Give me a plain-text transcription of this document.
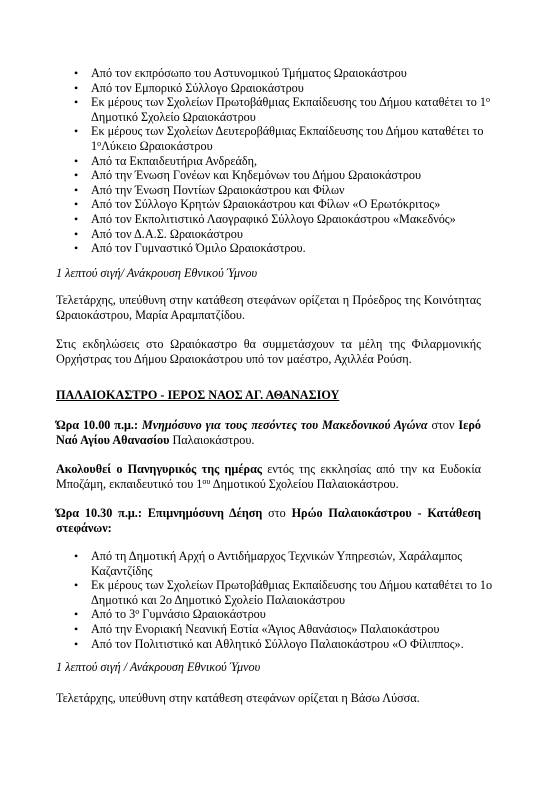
• Από τον εκπρόσωπο του Αστυνομικού Τμήματος Ωραιοκάστρου
• Από τον Εμπορικό Σύλλογο Ωραιοκάστρου
• Εκ μέρους των Σχολείων Πρωτοβάθμιας Εκπαίδευσης του Δήμου καταθέτει το $1^o$ Δημοτικό Σχολείο Ωραιοκάστρου
• Εκ μέρους των Σχολείων Δευτεροβάθμιας Εκπαίδευσης του Δήμου καταθέτει το $1^o\Lambda ύ\kappa\varepsilon\iota o$ Ωραιοκάστρου
• Από τα Εκπαιδευτήρια Ανδρεάδη,
• Από την Ένωση Γονέων και Κηδεμόνων του Δήμου Ωραιοκάστρου
• Από την Ένωση Ποντίων Ωραιοκάστρου και Φίλων
• Από τον Σύλλογο Κρητών Ωραιοκάστρου και Φίλων «Ο Ερωτόκριτος»
• Από τον Εκπολιτιστικό Λαογραφικό Σύλλογο Ωραιοκάστρου «Μακεδνός»
• Από τον Δ.Α.Σ. Ωραιοκάστρου
• Από τον Γυμναστικό Όμιλο Ωραιοκάστρου.

1 λεπτού σιγή/ Ανάκρουση Εθνικού Ύμνου

Τελετάρχης, υπεύθυνη στην κατάθεση στεφάνων ορίζεται η Πρόεδρος της Κοινότητας Ωραιοκάστρου, Μαρία Αραμπατζίδου.

Στις εκδηλώσεις στο Ωραιόκαστρο θα συμμετάσχουν τα μέλη της Φιλαρμονικής Ορχήστρας του Δήμου Ωραιοκάστρου υπό τον μαέστρο, Αχιλλέα Ρούση.

ΠΑΛΑΙΟΚΑΣΤΡΟ - ΙΕΡΟΣ ΝΑΟΣ ΑΓ. ΑΘΑΝΑΣΙΟΥ

Ώρα 10.00 π.μ.: Μνημόσυνο για τους πεσόντες του Μακεδονικού Αγώνα στον Ιερό Ναό Αγίου Αθανασίου Παλαιοκάστρου.

Ακολουθεί ο Πανηγυρικός της ημέρας εντός της εκκλησίας από την κα Ευδοκία Μποζάμη, εκπαιδευτικό του $1^{o\upsilon}$ Δημοτικού Σχολείου Παλαιοκάστρου.

Ώρα 10.30 π.μ.: Επιμνημόσυνη Δέηση στο Ηρώο Παλαιοκάστρου - Κατάθεση στεφάνων:

• Από τη Δημοτική Αρχή ο Αντιδήμαρχος Τεχνικών Υπηρεσιών, Χαράλαμπος Καζαντζίδης
• Εκ μέρους των Σχολείων Πρωτοβάθμιας Εκπαίδευσης του Δήμου καταθέτει το 1ο Δημοτικό και 2ο Δημοτικό Σχολείο Παλαιοκάστρου
• Από το $3^o$ Γυμνάσιο Ωραιοκάστρου
• Από την Ενοριακή Νεανική Εστία «Άγιος Αθανάσιος» Παλαιοκάστρου
• Από τον Πολιτιστικό και Αθλητικό Σύλλογο Παλαιοκάστρου «Ο Φίλιππος».

1 λεπτού σιγή / Ανάκρουση Εθνικού Ύμνου

Τελετάρχης, υπεύθυνη στην κατάθεση στεφάνων ορίζεται η Βάσω Λύσσα.
